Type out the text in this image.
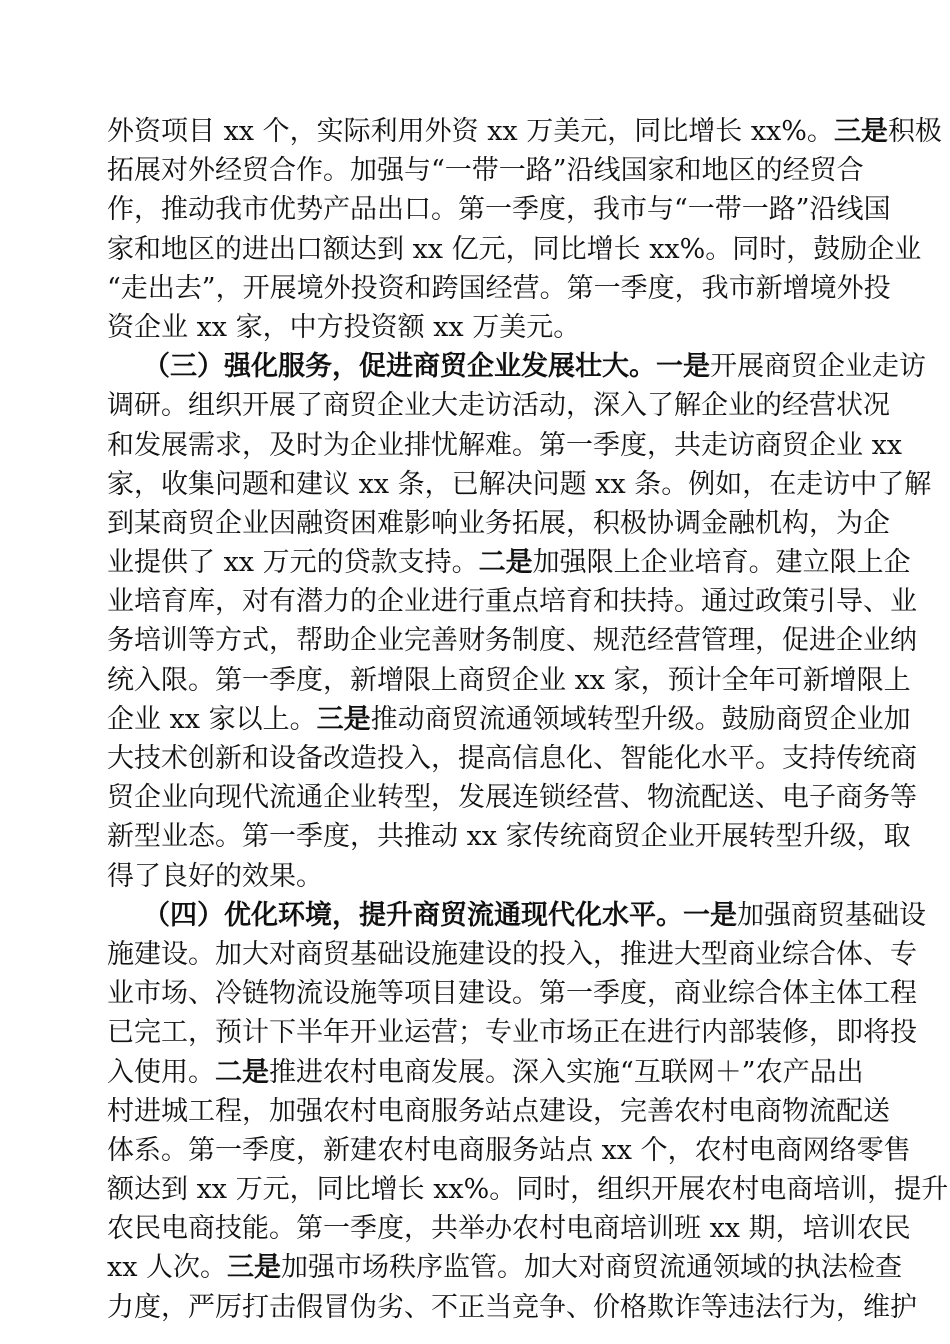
外资项目 xx 个，实际利用外资 xx 万美元，同比增长 xx%。三是积极
拓展对外经贸合作。加强与“一带一路”沿线国家和地区的经贸合
作，推动我市优势产品出口。第一季度，我市与“一带一路”沿线国
家和地区的进出口额达到 xx 亿元，同比增长 xx%。同时，鼓励企业
“走出去”，开展境外投资和跨国经营。第一季度，我市新增境外投
资企业 xx 家，中方投资额 xx 万美元。
（三）强化服务，促进商贸企业发展壮大。一是开展商贸企业走访
调研。组织开展了商贸企业大走访活动，深入了解企业的经营状况
和发展需求，及时为企业排忧解难。第一季度，共走访商贸企业 xx
家，收集问题和建议 xx 条，已解决问题 xx 条。例如，在走访中了解
到某商贸企业因融资困难影响业务拓展，积极协调金融机构，为企
业提供了 xx 万元的贷款支持。二是加强限上企业培育。建立限上企
业培育库，对有潜力的企业进行重点培育和扶持。通过政策引导、业
务培训等方式，帮助企业完善财务制度、规范经营管理，促进企业纳
统入限。第一季度，新增限上商贸企业 xx 家，预计全年可新增限上
企业 xx 家以上。三是推动商贸流通领域转型升级。鼓励商贸企业加
大技术创新和设备改造投入，提高信息化、智能化水平。支持传统商
贸企业向现代流通企业转型，发展连锁经营、物流配送、电子商务等
新型业态。第一季度，共推动 xx 家传统商贸企业开展转型升级，取
得了良好的效果。
（四）优化环境，提升商贸流通现代化水平。一是加强商贸基础设
施建设。加大对商贸基础设施建设的投入，推进大型商业综合体、专
业市场、冷链物流设施等项目建设。第一季度，商业综合体主体工程
已完工，预计下半年开业运营；专业市场正在进行内部装修，即将投
入使用。二是推进农村电商发展。深入实施“互联网＋”农产品出
村进城工程，加强农村电商服务站点建设，完善农村电商物流配送
体系。第一季度，新建农村电商服务站点 xx 个，农村电商网络零售
额达到 xx 万元，同比增长 xx%。同时，组织开展农村电商培训，提升
农民电商技能。第一季度，共举办农村电商培训班 xx 期，培训农民
xx 人次。三是加强市场秩序监管。加大对商贸流通领域的执法检查
力度，严厉打击假冒伪劣、不正当竞争、价格欺诈等违法行为，维护
